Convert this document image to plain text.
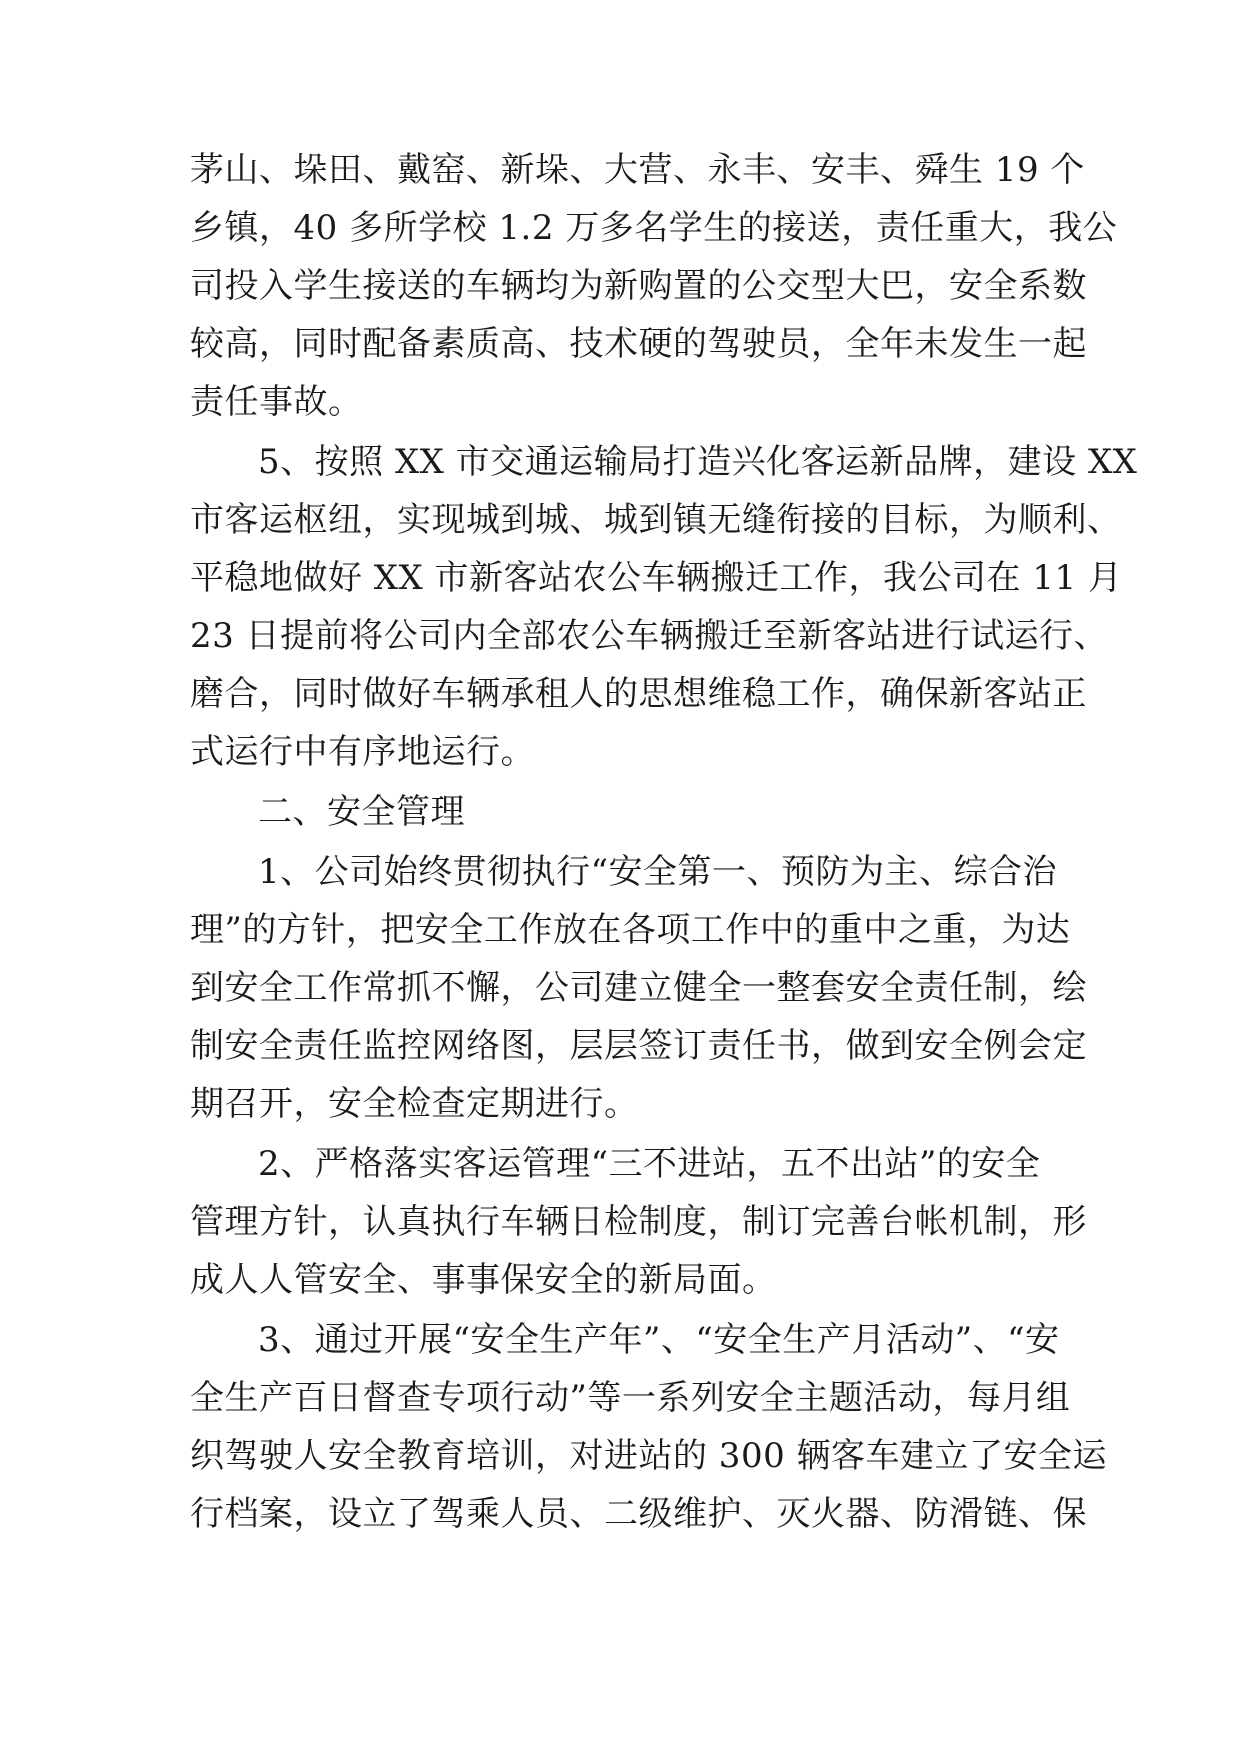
茅山、垛田、戴窑、新垛、大营、永丰、安丰、舜生 19 个
乡镇，40 多所学校 1.2 万多名学生的接送，责任重大，我公
司投入学生接送的车辆均为新购置的公交型大巴，安全系数
较高，同时配备素质高、技术硬的驾驶员，全年未发生一起
责任事故。
5、按照 XX 市交通运输局打造兴化客运新品牌，建设 XX
市客运枢纽，实现城到城、城到镇无缝衔接的目标，为顺利、
平稳地做好 XX 市新客站农公车辆搬迁工作，我公司在 11 月
23 日提前将公司内全部农公车辆搬迁至新客站进行试运行、
磨合，同时做好车辆承租人的思想维稳工作，确保新客站正
式运行中有序地运行。
二、安全管理
1、公司始终贯彻执行“安全第一、预防为主、综合治
理”的方针，把安全工作放在各项工作中的重中之重，为达
到安全工作常抓不懈，公司建立健全一整套安全责任制，绘
制安全责任监控网络图，层层签订责任书，做到安全例会定
期召开，安全检查定期进行。
2、严格落实客运管理“三不进站，五不出站”的安全
管理方针，认真执行车辆日检制度，制订完善台帐机制，形
成人人管安全、事事保安全的新局面。
3、通过开展“安全生产年”、“安全生产月活动”、“安
全生产百日督查专项行动”等一系列安全主题活动，每月组
织驾驶人安全教育培训，对进站的 300 辆客车建立了安全运
行档案，设立了驾乘人员、二级维护、灭火器、防滑链、保
